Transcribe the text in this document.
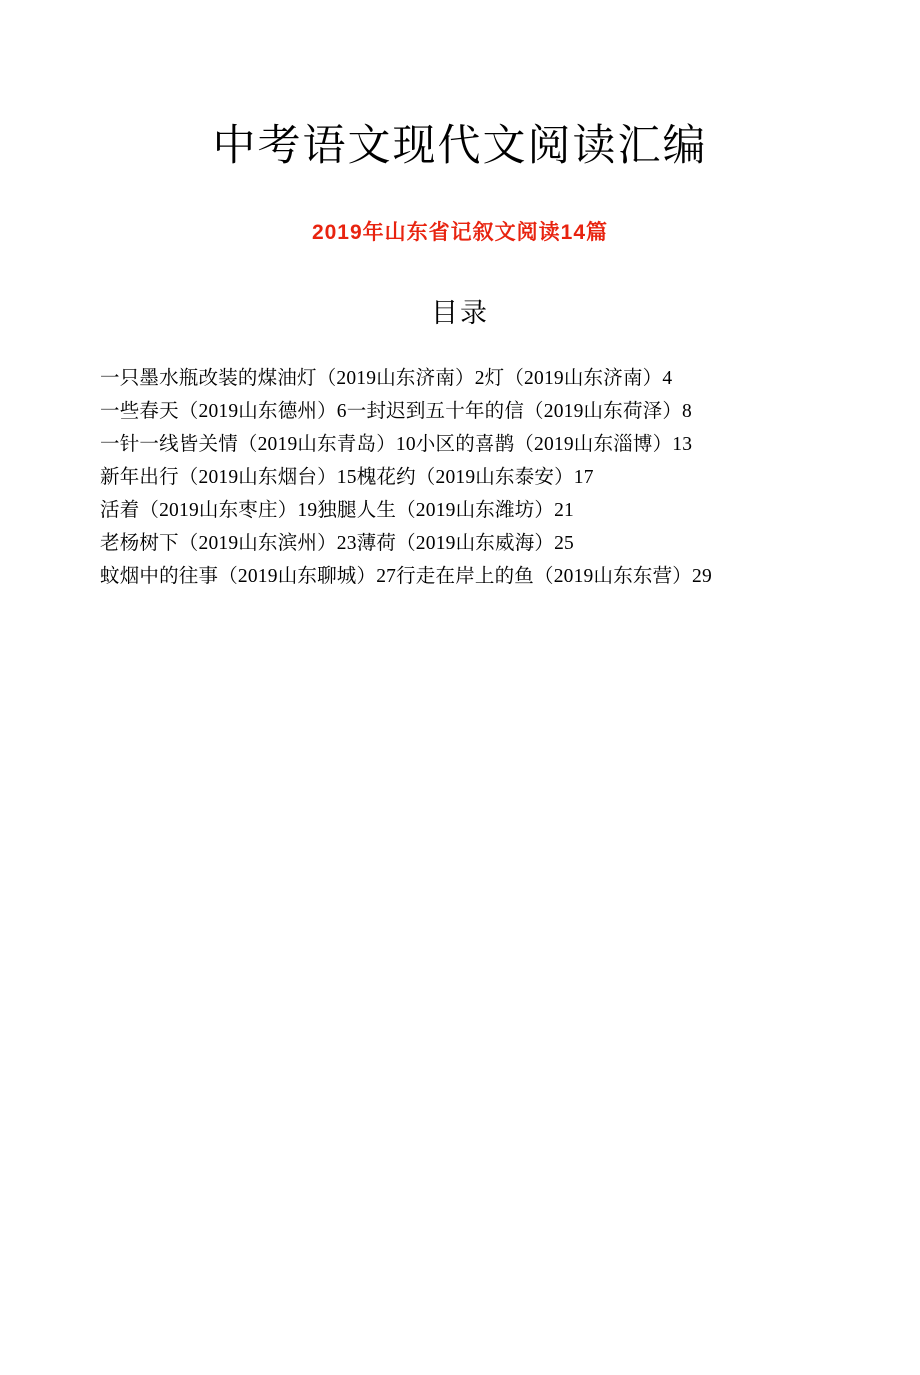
中考语文现代文阅读汇编
2019年山东省记叙文阅读14篇
目录
一只墨水瓶改装的煤油灯（2019山东济南）2灯（2019山东济南）4
一些春天（2019山东德州）6一封迟到五十年的信（2019山东荷泽）8
一针一线皆关情（2019山东青岛）10小区的喜鹊（2019山东淄博）13
新年出行（2019山东烟台）15槐花约（2019山东泰安）17
活着（2019山东枣庄）19独腿人生（2019山东潍坊）21
老杨树下（2019山东滨州）23薄荷（2019山东威海）25
蚊烟中的往事（2019山东聊城）27行走在岸上的鱼（2019山东东营）29
